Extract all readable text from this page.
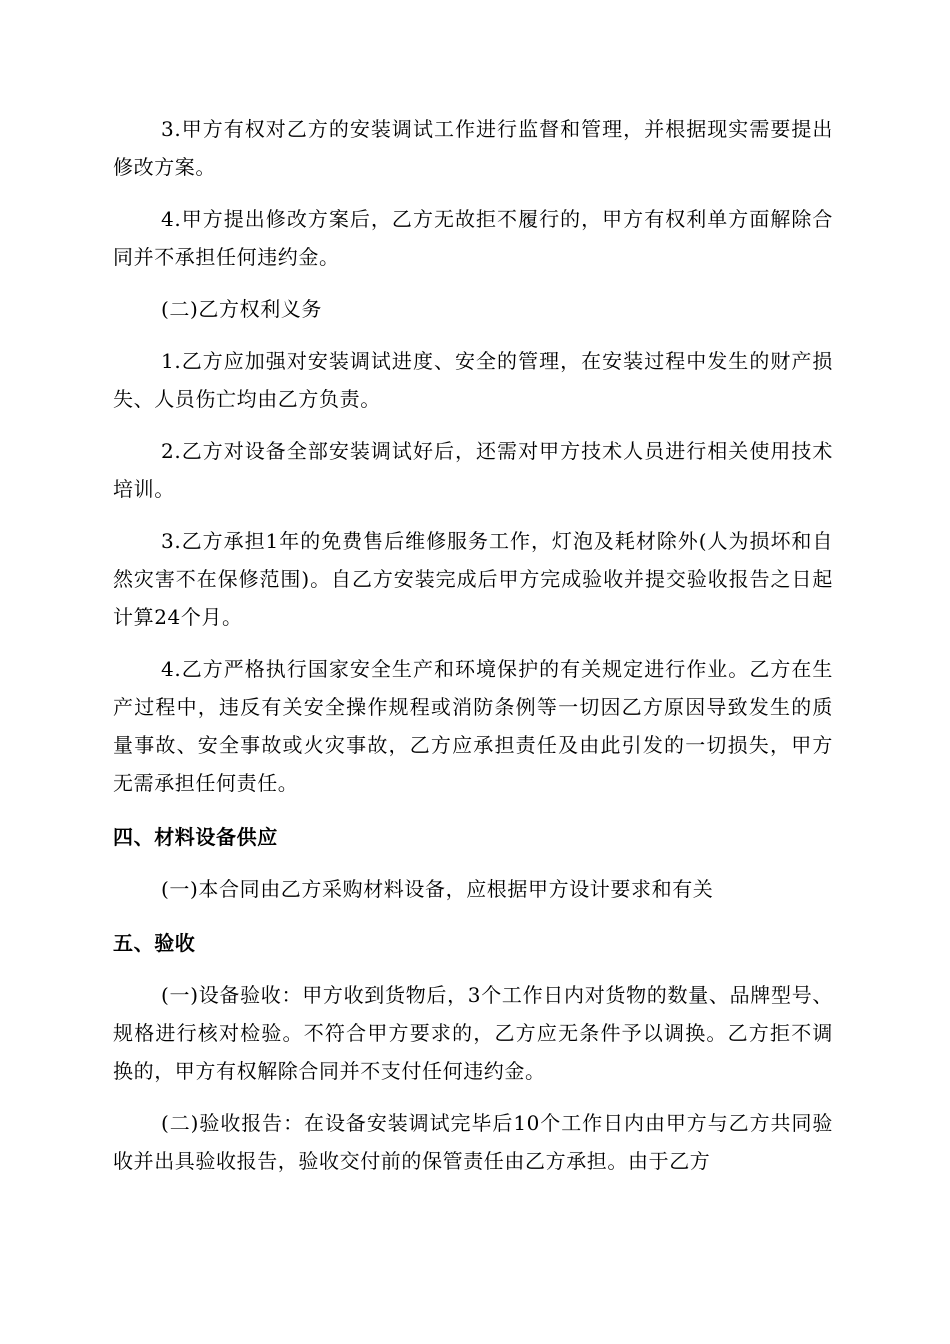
3.甲方有权对乙方的安装调试工作进行监督和管理，并根据现实需要提出修改方案。

4.甲方提出修改方案后，乙方无故拒不履行的，甲方有权利单方面解除合同并不承担任何违约金。

(二)乙方权利义务

1.乙方应加强对安装调试进度、安全的管理，在安装过程中发生的财产损失、人员伤亡均由乙方负责。

2.乙方对设备全部安装调试好后，还需对甲方技术人员进行相关使用技术培训。

3.乙方承担1年的免费售后维修服务工作，灯泡及耗材除外(人为损坏和自然灾害不在保修范围)。自乙方安装完成后甲方完成验收并提交验收报告之日起计算24个月。

4.乙方严格执行国家安全生产和环境保护的有关规定进行作业。乙方在生产过程中，违反有关安全操作规程或消防条例等一切因乙方原因导致发生的质量事故、安全事故或火灾事故，乙方应承担责任及由此引发的一切损失，甲方无需承担任何责任。

四、材料设备供应

(一)本合同由乙方采购材料设备，应根据甲方设计要求和有关

五、验收

(一)设备验收：甲方收到货物后，3个工作日内对货物的数量、品牌型号、规格进行核对检验。不符合甲方要求的，乙方应无条件予以调换。乙方拒不调换的，甲方有权解除合同并不支付任何违约金。

(二)验收报告：在设备安装调试完毕后10个工作日内由甲方与乙方共同验收并出具验收报告，验收交付前的保管责任由乙方承担。由于乙方
